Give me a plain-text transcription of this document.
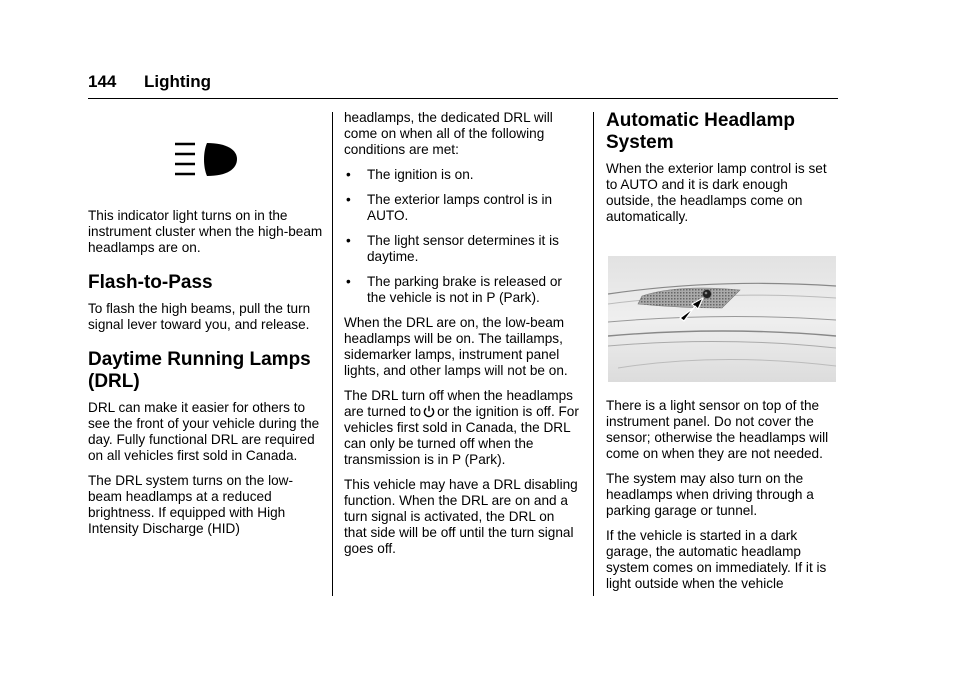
144 Lighting

This indicator light turns on in the instrument cluster when the high-beam headlamps are on.

Flash-to-Pass

To flash the high beams, pull the turn signal lever toward you, and release.

Daytime Running Lamps (DRL)

DRL can make it easier for others to see the front of your vehicle during the day. Fully functional DRL are required on all vehicles first sold in Canada.

The DRL system turns on the low-beam headlamps at a reduced brightness. If equipped with High Intensity Discharge (HID)

headlamps, the dedicated DRL will come on when all of the following conditions are met:

• The ignition is on.
• The exterior lamps control is in AUTO.
• The light sensor determines it is daytime.
• The parking brake is released or the vehicle is not in P (Park).

When the DRL are on, the low-beam headlamps will be on. The taillamps, sidemarker lamps, instrument panel lights, and other lamps will not be on.

The DRL turn off when the headlamps are turned to or the ignition is off. For vehicles first sold in Canada, the DRL can only be turned off when the transmission is in P (Park).

This vehicle may have a DRL disabling function. When the DRL are on and a turn signal is activated, the DRL on that side will be off until the turn signal goes off.

Automatic Headlamp System

When the exterior lamp control is set to AUTO and it is dark enough outside, the headlamps come on automatically.

There is a light sensor on top of the instrument panel. Do not cover the sensor; otherwise the headlamps will come on when they are not needed.

The system may also turn on the headlamps when driving through a parking garage or tunnel.

If the vehicle is started in a dark garage, the automatic headlamp system comes on immediately. If it is light outside when the vehicle
